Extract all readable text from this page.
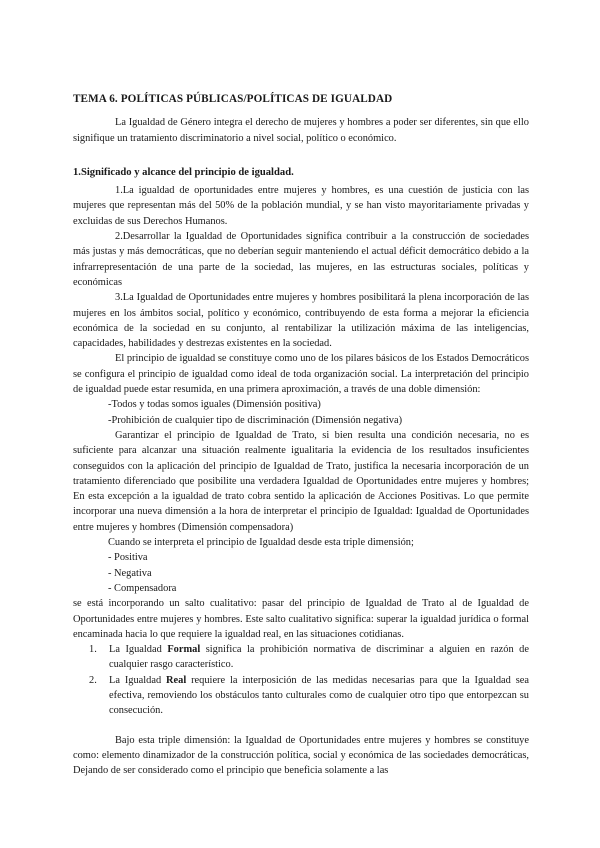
TEMA 6. POLÍTICAS PÚBLICAS/POLÍTICAS DE IGUALDAD

La Igualdad de Género integra el derecho de mujeres y hombres a poder ser diferentes, sin que ello signifique un tratamiento discriminatorio a nivel social, político o económico.

1.Significado y alcance del principio de igualdad.

1.La igualdad de oportunidades entre mujeres y hombres, es una cuestión de justicia con las mujeres que representan más del 50% de la población mundial, y se han visto mayoritariamente privadas y excluidas de sus Derechos Humanos.

2.Desarrollar la Igualdad de Oportunidades significa contribuir a la construcción de sociedades más justas y más democráticas, que no deberían seguir manteniendo el actual déficit democrático debido a la infrarrepresentación de una parte de la sociedad, las mujeres, en las estructuras sociales, políticas y económicas

3.La Igualdad de Oportunidades entre mujeres y hombres posibilitará la plena incorporación de las mujeres en los ámbitos social, político y económico, contribuyendo de esta forma a mejorar la eficiencia económica de la sociedad en su conjunto, al rentabilizar la utilización máxima de las inteligencias, capacidades, habilidades y destrezas existentes en la sociedad.

El principio de igualdad se constituye como uno de los pilares básicos de los Estados Democráticos se configura el principio de igualdad como ideal de toda organización social. La interpretación del principio de igualdad puede estar resumida, en una primera aproximación, a través de una doble dimensión:

-Todos y todas somos iguales (Dimensión positiva)

-Prohibición de cualquier tipo de discriminación (Dimensión negativa)

Garantizar el principio de Igualdad de Trato, si bien resulta una condición necesaria, no es suficiente para alcanzar una situación realmente igualitaria la evidencia de los resultados insuficientes conseguidos con la aplicación del principio de Igualdad de Trato, justifica la necesaria incorporación de un tratamiento diferenciado que posibilite una verdadera Igualdad de Oportunidades entre mujeres y hombres; En esta excepción a la igualdad de trato cobra sentido la aplicación de Acciones Positivas. Lo que permite incorporar una nueva dimensión a la hora de interpretar el principio de Igualdad: Igualdad de Oportunidades entre mujeres y hombres (Dimensión compensadora)

Cuando se interpreta el principio de Igualdad desde esta triple dimensión;

- Positiva

- Negativa

- Compensadora

se está incorporando un salto cualitativo: pasar del principio de Igualdad de Trato al de Igualdad de Oportunidades entre mujeres y hombres. Este salto cualitativo significa: superar la igualdad jurídica o formal encaminada hacia lo que requiere la igualdad real, en las situaciones cotidianas.

1. La Igualdad Formal significa la prohibición normativa de discriminar a alguien en razón de cualquier rasgo característico.
2. La Igualdad Real requiere la interposición de las medidas necesarias para que la Igualdad sea efectiva, removiendo los obstáculos tanto culturales como de cualquier otro tipo que entorpezcan su consecución.

Bajo esta triple dimensión: la Igualdad de Oportunidades entre mujeres y hombres se constituye como: elemento dinamizador de la construcción política, social y económica de las sociedades democráticas, Dejando de ser considerado como el principio que beneficia solamente a las
